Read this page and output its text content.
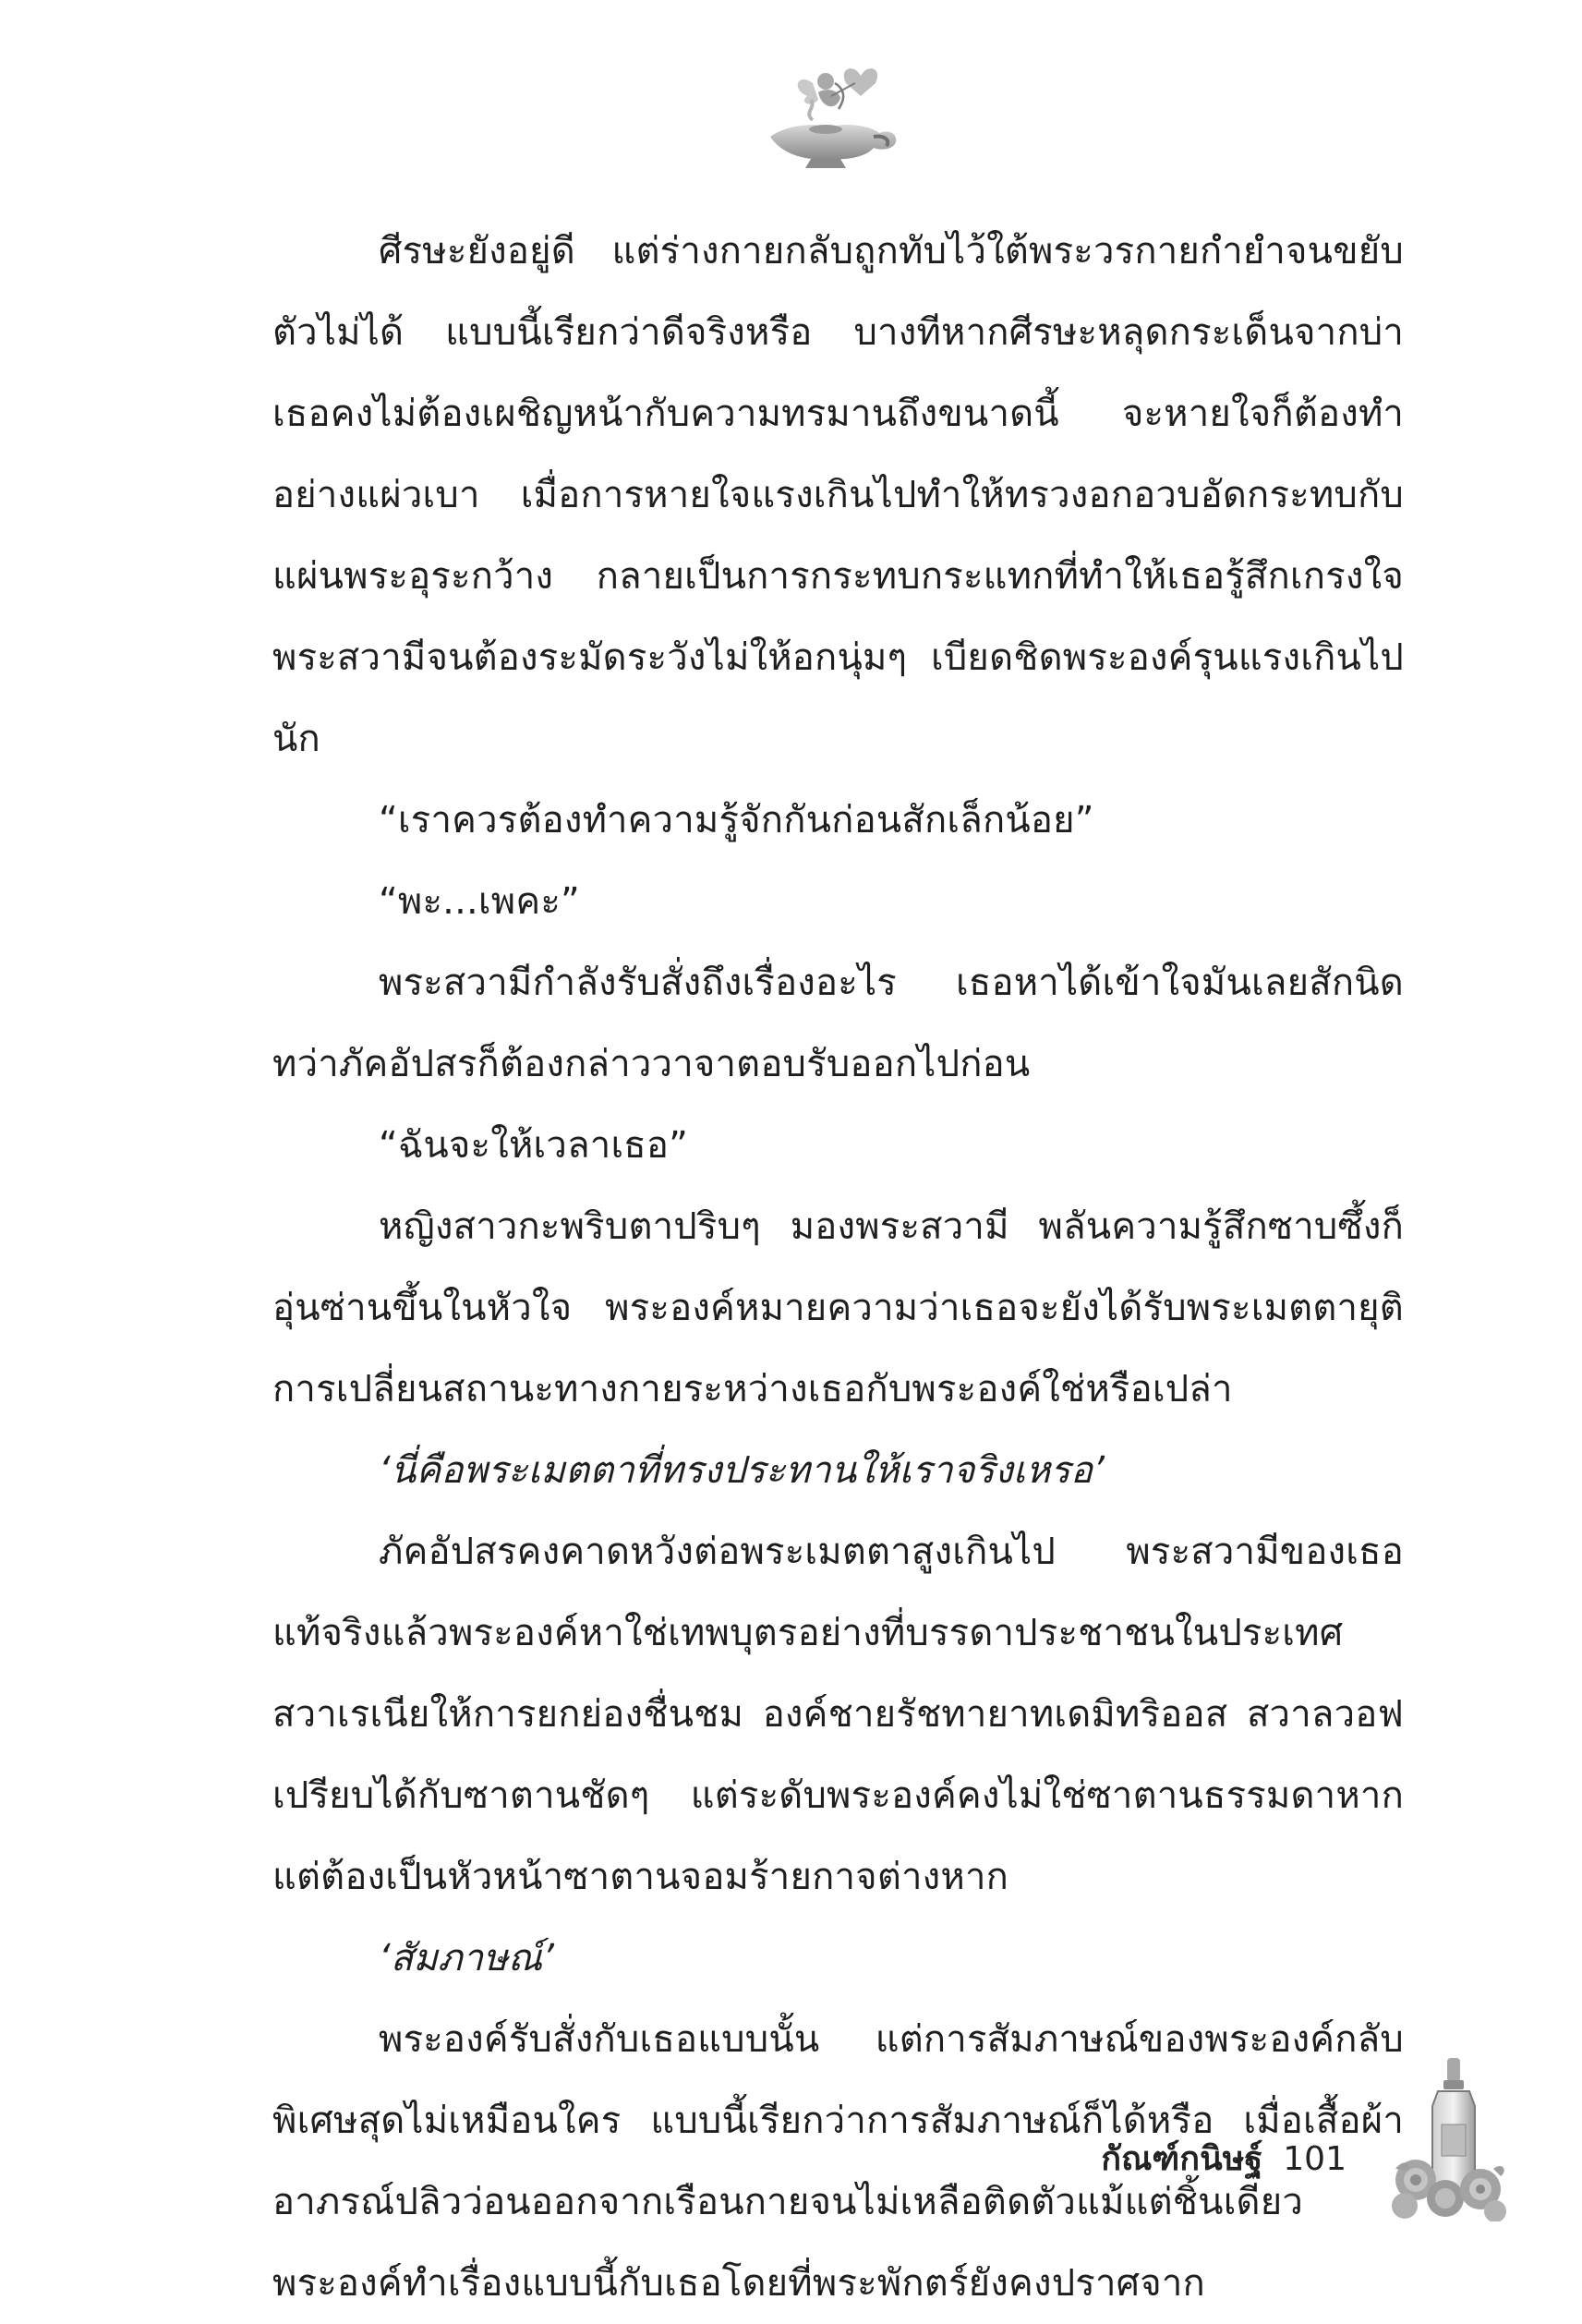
ศีรษะยังอยู่ดี แต่ร่างกายกลับถูกทับไว้ใต้พระวรกายกำยำจนขยับตัวไม่ได้ แบบนี้เรียกว่าดีจริงหรือ บางทีหากศีรษะหลุดกระเด็นจากบ่า เธอคงไม่ต้องเผชิญหน้ากับความทรมานถึงขนาดนี้ จะหายใจก็ต้องทำอย่างแผ่วเบา เมื่อการหายใจแรงเกินไปทำให้ทรวงอกอวบอัดกระทบกับแผ่นพระอุระกว้าง กลายเป็นการกระทบกระแทกที่ทำให้เธอรู้สึกเกรงใจพระสวามีจนต้องระมัดระวังไม่ให้อกนุ่มๆ เบียดชิดพระองค์รุนแรงเกินไปนัก

“เราควรต้องทำความรู้จักกันก่อนสักเล็กน้อย”

“พะ...เพคะ”

พระสวามีกำลังรับสั่งถึงเรื่องอะไร เธอหาได้เข้าใจมันเลยสักนิดทว่าภัคอัปสรก็ต้องกล่าววาจาตอบรับออกไปก่อน

“ฉันจะให้เวลาเธอ”

หญิงสาวกะพริบตาปริบๆ มองพระสวามี พลันความรู้สึกซาบซึ้งก็อุ่นซ่านขึ้นในหัวใจ พระองค์หมายความว่าเธอจะยังได้รับพระเมตตายุติการเปลี่ยนสถานะทางกายระหว่างเธอกับพระองค์ใช่หรือเปล่า

‘นี่คือพระเมตตาที่ทรงประทานให้เราจริงเหรอ’

ภัคอัปสรคงคาดหวังต่อพระเมตตาสูงเกินไป พระสวามีของเธอแท้จริงแล้วพระองค์หาใช่เทพบุตรอย่างที่บรรดาประชาชนในประเทศสวาเรเนียให้การยกย่องชื่นชม องค์ชายรัชทายาทเดมิทริออส สวาลวอฟเปรียบได้กับซาตานชัดๆ แต่ระดับพระองค์คงไม่ใช่ซาตานธรรมดาหากแต่ต้องเป็นหัวหน้าซาตานจอมร้ายกาจต่างหาก

‘สัมภาษณ์’

พระองค์รับสั่งกับเธอแบบนั้น แต่การสัมภาษณ์ของพระองค์กลับพิเศษสุดไม่เหมือนใคร แบบนี้เรียกว่าการสัมภาษณ์ก็ได้หรือ เมื่อเสื้อผ้าอาภรณ์ปลิวว่อนออกจากเรือนกายจนไม่เหลือติดตัวแม้แต่ชิ้นเดียว พระองค์ทำเรื่องแบบนี้กับเธอโดยที่พระพักตร์ยังคงปราศจาก

กัณฑ์กนิษฐ์ 101
